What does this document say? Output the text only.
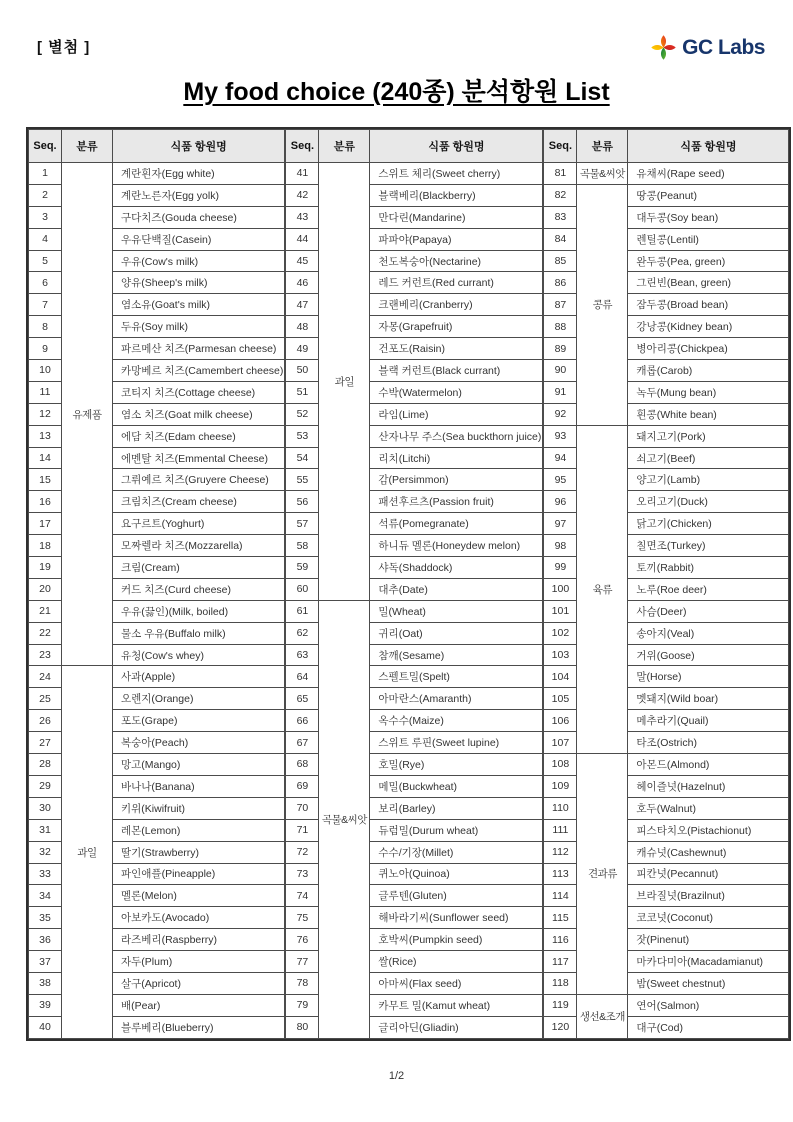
[ 별첨 ]	GC Labs
My food choice (240종) 분석항원 List
Seq.	분류	식품 항원명
1	유제품	계란흰자(Egg white)
2		계란노른자(Egg yolk)
3		구다치즈(Gouda cheese)
4		우유단백질(Casein)
5		우유(Cow's milk)
6		양유(Sheep's milk)
7		염소유(Goat's milk)
8		두유(Soy milk)
9		파르메산 치즈(Parmesan cheese)
10		카망베르 치즈(Camembert cheese)
11		코티지 치즈(Cottage cheese)
12		염소 치즈(Goat milk cheese)
13		에담 치즈(Edam cheese)
14		에멘탈 치즈(Emmental Cheese)
15		그뤼예르 치즈(Gruyere Cheese)
16		크림치즈(Cream cheese)
17		요구르트(Yoghurt)
18		모짜렐라 치즈(Mozzarella)
19		크림(Cream)
20		커드 치즈(Curd cheese)
21		우유(끓인)(Milk, boiled)
22		물소 우유(Buffalo milk)
23		유청(Cow's whey)
24	과일	사과(Apple)
25		오렌지(Orange)
26		포도(Grape)
27		복숭아(Peach)
28		망고(Mango)
29		바나나(Banana)
30		키위(Kiwifruit)
31		레몬(Lemon)
32		딸기(Strawberry)
33		파인애플(Pineapple)
34		멜론(Melon)
35		아보카도(Avocado)
36		라즈베리(Raspberry)
37		자두(Plum)
38		살구(Apricot)
39		배(Pear)
40		블루베리(Blueberry)
Seq.	분류	식품 항원명
41	과일	스위트 체리(Sweet cherry)
42		블랙베리(Blackberry)
43		만다린(Mandarine)
44		파파야(Papaya)
45		천도복숭아(Nectarine)
46		레드 커런트(Red currant)
47		크랜베리(Cranberry)
48		자몽(Grapefruit)
49		건포도(Raisin)
50		블랙 커런트(Black currant)
51		수박(Watermelon)
52		라임(Lime)
53		산자나무 주스(Sea buckthorn juice)
54		리치(Litchi)
55		감(Persimmon)
56		패션후르츠(Passion fruit)
57		석류(Pomegranate)
58		하니듀 멜론(Honeydew melon)
59		샤독(Shaddock)
60		대추(Date)
61	곡물&씨앗	밀(Wheat)
62		귀리(Oat)
63		참깨(Sesame)
64		스펠트밀(Spelt)
65		아마란스(Amaranth)
66		옥수수(Maize)
67		스위트 루핀(Sweet lupine)
68		호밀(Rye)
69		메밀(Buckwheat)
70		보리(Barley)
71		듀럼밀(Durum wheat)
72		수수/기장(Millet)
73		퀴노아(Quinoa)
74		글루텐(Gluten)
75		해바라기씨(Sunflower seed)
76		호박씨(Pumpkin seed)
77		쌀(Rice)
78		아마씨(Flax seed)
79		카무트 밀(Kamut wheat)
80		글리아딘(Gliadin)
Seq.	분류	식품 항원명
81	곡물&씨앗	유채씨(Rape seed)
82	콩류	땅콩(Peanut)
83		대두콩(Soy bean)
84		렌틸콩(Lentil)
85		완두콩(Pea, green)
86		그린빈(Bean, green)
87		잠두콩(Broad bean)
88		강낭콩(Kidney bean)
89		병아리콩(Chickpea)
90		캐롭(Carob)
91		녹두(Mung bean)
92		흰콩(White bean)
93	육류	돼지고기(Pork)
94		쇠고기(Beef)
95		양고기(Lamb)
96		오리고기(Duck)
97		닭고기(Chicken)
98		칠면조(Turkey)
99		토끼(Rabbit)
100		노루(Roe deer)
101		사슴(Deer)
102		송아지(Veal)
103		거위(Goose)
104		말(Horse)
105		멧돼지(Wild boar)
106		메추라기(Quail)
107		타조(Ostrich)
108	견과류	아몬드(Almond)
109		헤이즐넛(Hazelnut)
110		호두(Walnut)
111		피스타치오(Pistachionut)
112		캐슈넛(Cashewnut)
113		피칸넛(Pecannut)
114		브라질넛(Brazilnut)
115		코코넛(Coconut)
116		잣(Pinenut)
117		마카다미아(Macadamianut)
118		밤(Sweet chestnut)
119	생선&조개	연어(Salmon)
120		대구(Cod)
1/2
